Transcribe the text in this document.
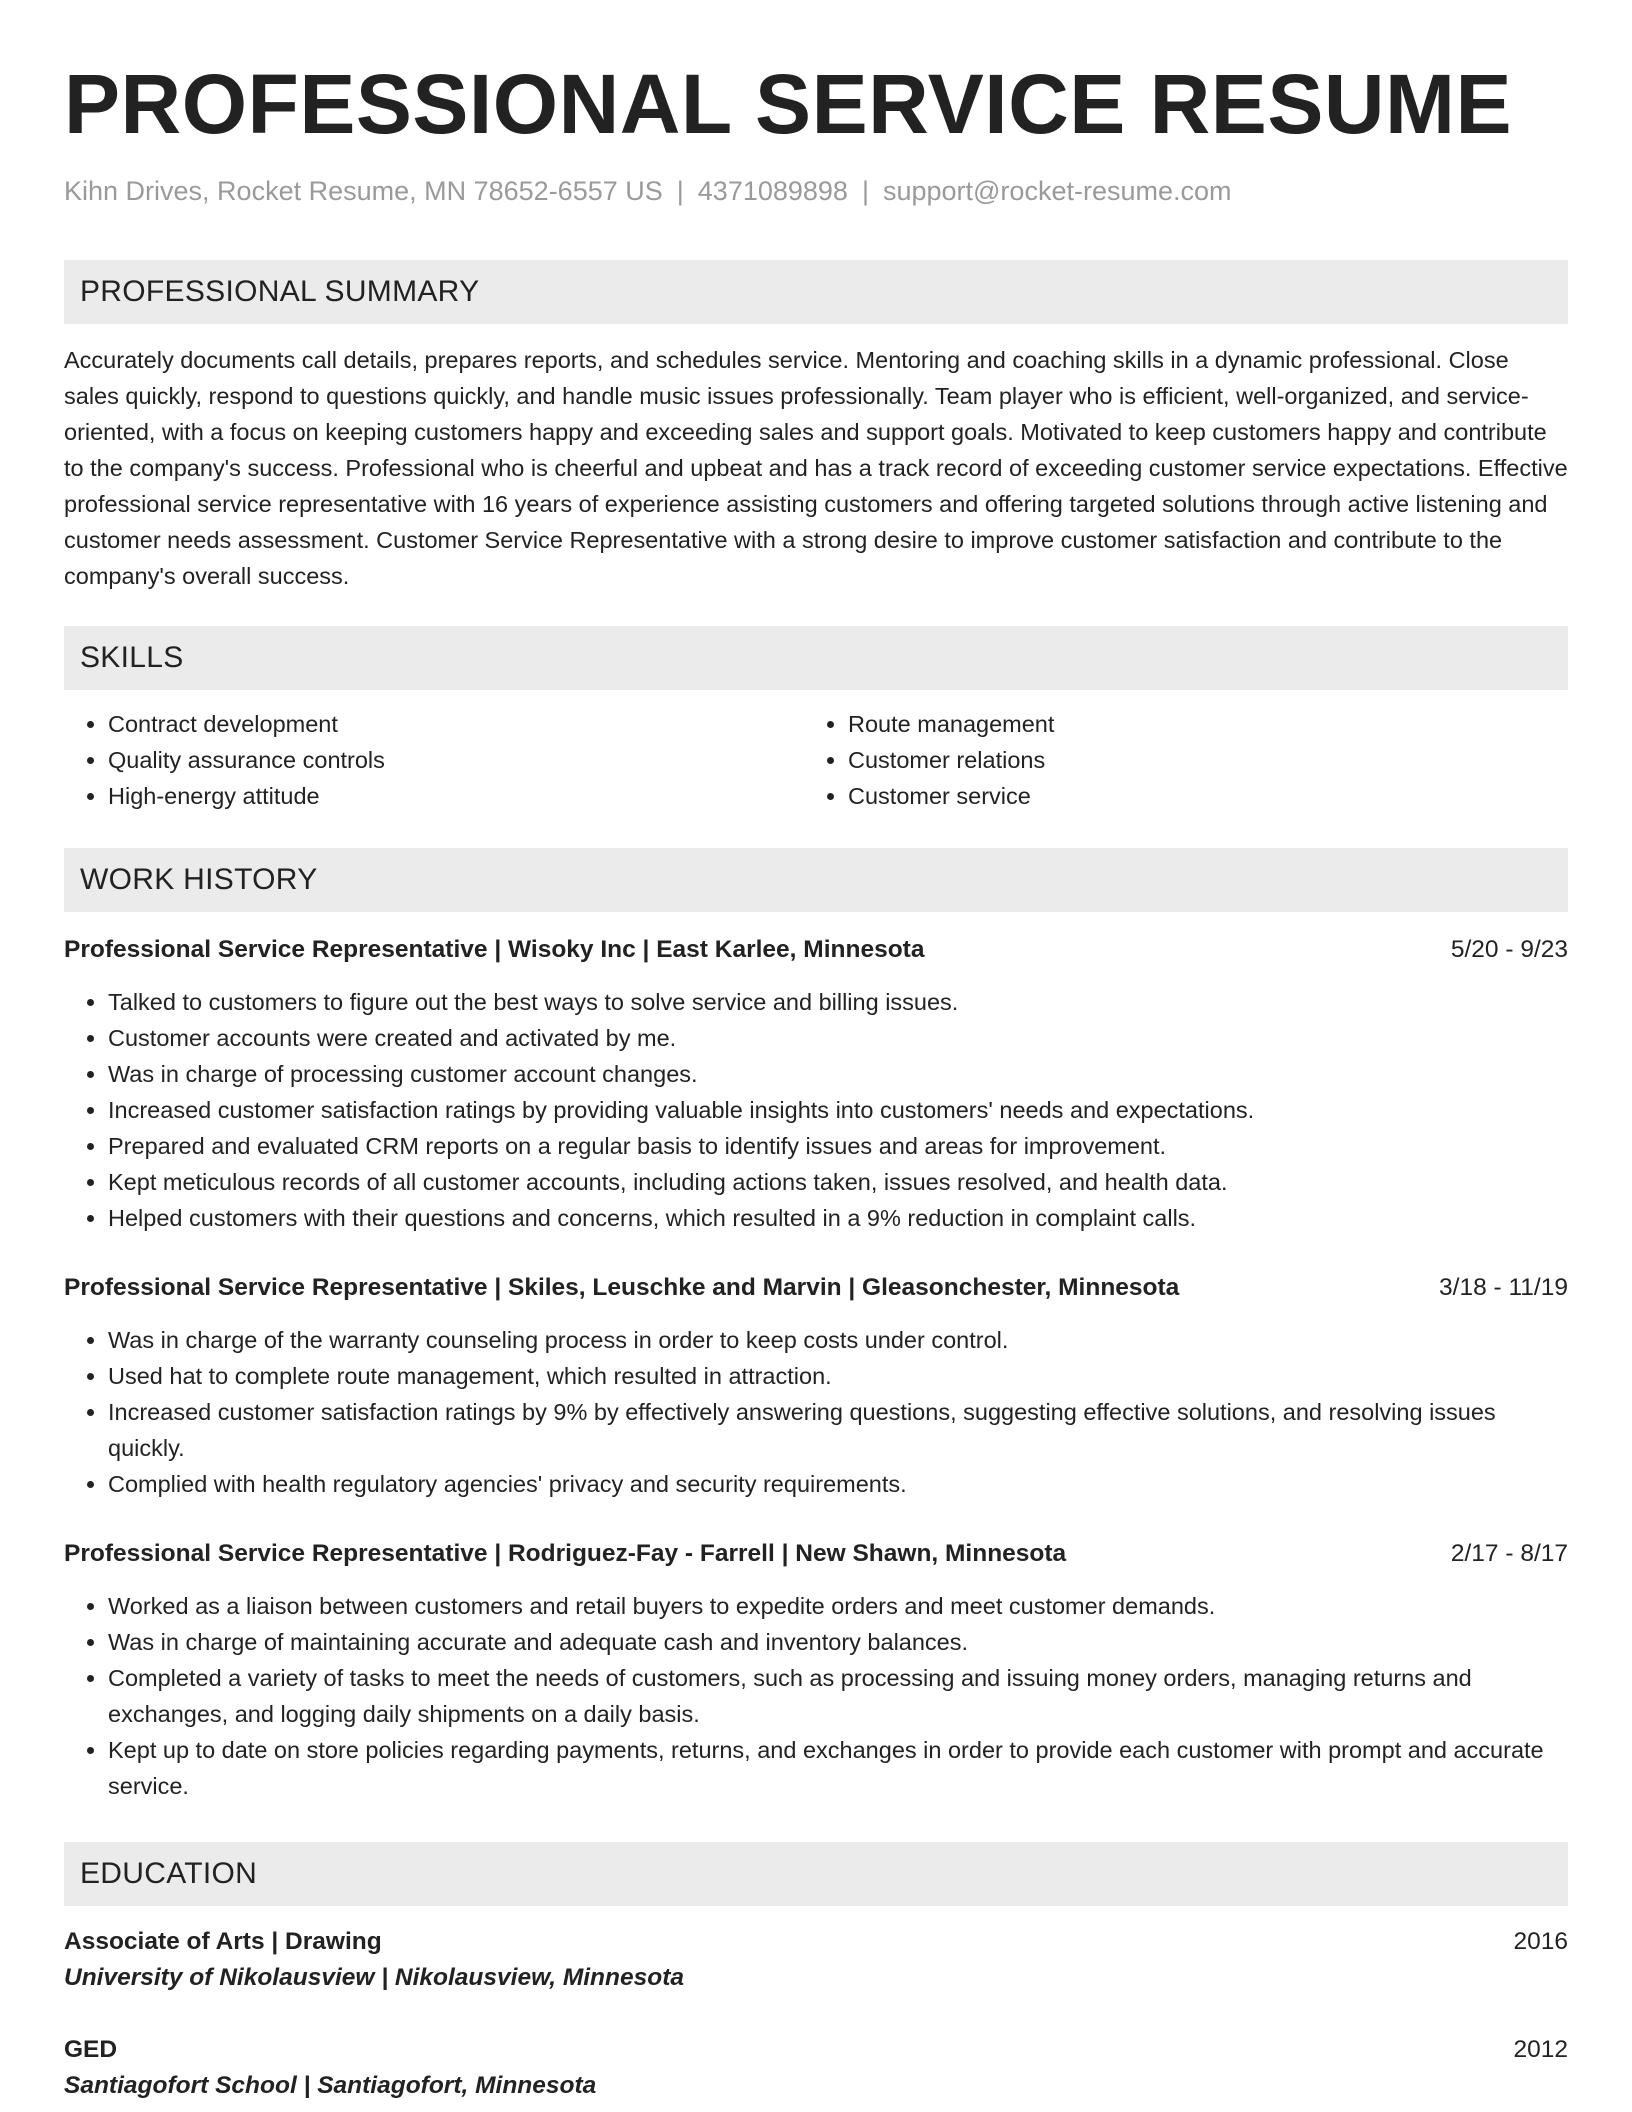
PROFESSIONAL SERVICE RESUME
Kihn Drives, Rocket Resume, MN 78652-6557 US | 4371089898 | support@rocket-resume.com
PROFESSIONAL SUMMARY
Accurately documents call details, prepares reports, and schedules service. Mentoring and coaching skills in a dynamic professional. Close sales quickly, respond to questions quickly, and handle music issues professionally. Team player who is efficient, well-organized, and service-oriented, with a focus on keeping customers happy and exceeding sales and support goals. Motivated to keep customers happy and contribute to the company's success. Professional who is cheerful and upbeat and has a track record of exceeding customer service expectations. Effective professional service representative with 16 years of experience assisting customers and offering targeted solutions through active listening and customer needs assessment. Customer Service Representative with a strong desire to improve customer satisfaction and contribute to the company's overall success.
SKILLS
• Contract development
• Quality assurance controls
• High-energy attitude
• Route management
• Customer relations
• Customer service
WORK HISTORY
Professional Service Representative | Wisoky Inc | East Karlee, Minnesota	5/20 - 9/23
• Talked to customers to figure out the best ways to solve service and billing issues.
• Customer accounts were created and activated by me.
• Was in charge of processing customer account changes.
• Increased customer satisfaction ratings by providing valuable insights into customers' needs and expectations.
• Prepared and evaluated CRM reports on a regular basis to identify issues and areas for improvement.
• Kept meticulous records of all customer accounts, including actions taken, issues resolved, and health data.
• Helped customers with their questions and concerns, which resulted in a 9% reduction in complaint calls.
Professional Service Representative | Skiles, Leuschke and Marvin | Gleasonchester, Minnesota	3/18 - 11/19
• Was in charge of the warranty counseling process in order to keep costs under control.
• Used hat to complete route management, which resulted in attraction.
• Increased customer satisfaction ratings by 9% by effectively answering questions, suggesting effective solutions, and resolving issues quickly.
• Complied with health regulatory agencies' privacy and security requirements.
Professional Service Representative | Rodriguez-Fay - Farrell | New Shawn, Minnesota	2/17 - 8/17
• Worked as a liaison between customers and retail buyers to expedite orders and meet customer demands.
• Was in charge of maintaining accurate and adequate cash and inventory balances.
• Completed a variety of tasks to meet the needs of customers, such as processing and issuing money orders, managing returns and exchanges, and logging daily shipments on a daily basis.
• Kept up to date on store policies regarding payments, returns, and exchanges in order to provide each customer with prompt and accurate service.
EDUCATION
Associate of Arts | Drawing	2016
University of Nikolausview | Nikolausview, Minnesota
GED	2012
Santiagofort School | Santiagofort, Minnesota
